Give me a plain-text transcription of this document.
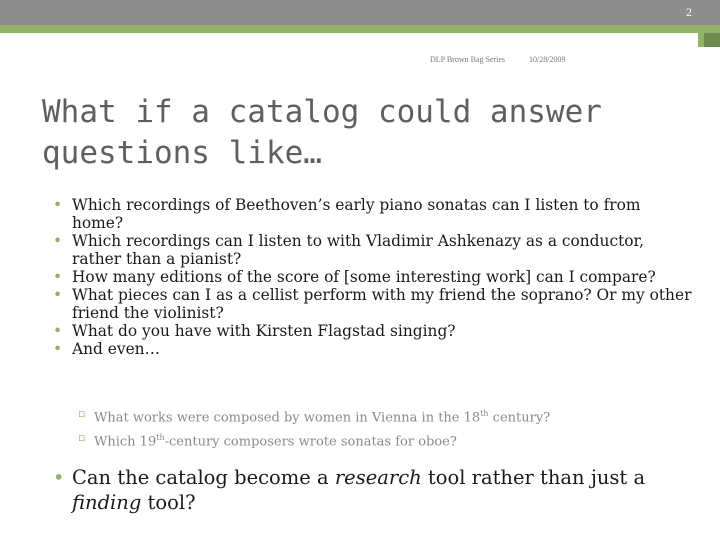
2
DLP Brown Bag Series	10/28/2009
What if a catalog could answer questions like…
• Which recordings of Beethoven’s early piano sonatas can I listen to from home?
• Which recordings can I listen to with Vladimir Ashkenazy as a conductor, rather than a pianist?
• How many editions of the score of [some interesting work] can I compare?
• What pieces can I as a cellist perform with my friend the soprano? Or my other friend the violinist?
• What do you have with Kirsten Flagstad singing?
• And even…
▫ What works were composed by women in Vienna in the 18th century?
▫ Which 19th-century composers wrote sonatas for oboe?
• Can the catalog become a research tool rather than just a finding tool?
